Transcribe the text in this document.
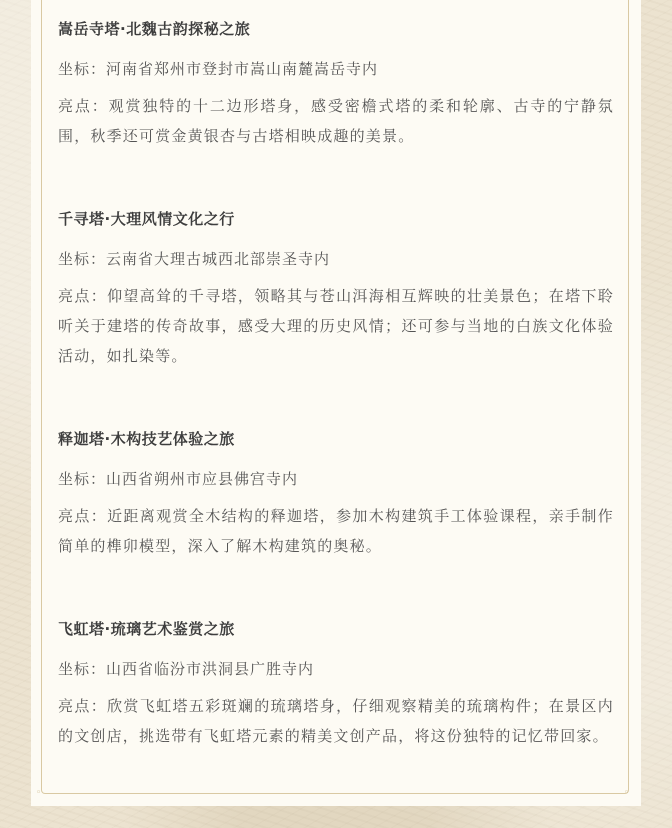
◦	◦
嵩岳寺塔·北魏古韵探秘之旅
坐标：河南省郑州市登封市嵩山南麓嵩岳寺内
亮点：观赏独特的十二边形塔身，感受密檐式塔的柔和轮廓、古寺的宁静氛围，秋季还可赏金黄银杏与古塔相映成趣的美景。
千寻塔·大理风情文化之行
坐标：云南省大理古城西北部崇圣寺内
亮点：仰望高耸的千寻塔，领略其与苍山洱海相互辉映的壮美景色；在塔下聆听关于建塔的传奇故事，感受大理的历史风情；还可参与当地的白族文化体验活动，如扎染等。
释迦塔·木构技艺体验之旅
坐标：山西省朔州市应县佛宫寺内
亮点：近距离观赏全木结构的释迦塔，参加木构建筑手工体验课程，亲手制作简单的榫卯模型，深入了解木构建筑的奥秘。
飞虹塔·琉璃艺术鉴赏之旅
坐标：山西省临汾市洪洞县广胜寺内
亮点：欣赏飞虹塔五彩斑斓的琉璃塔身，仔细观察精美的琉璃构件；在景区内的文创店，挑选带有飞虹塔元素的精美文创产品，将这份独特的记忆带回家。
